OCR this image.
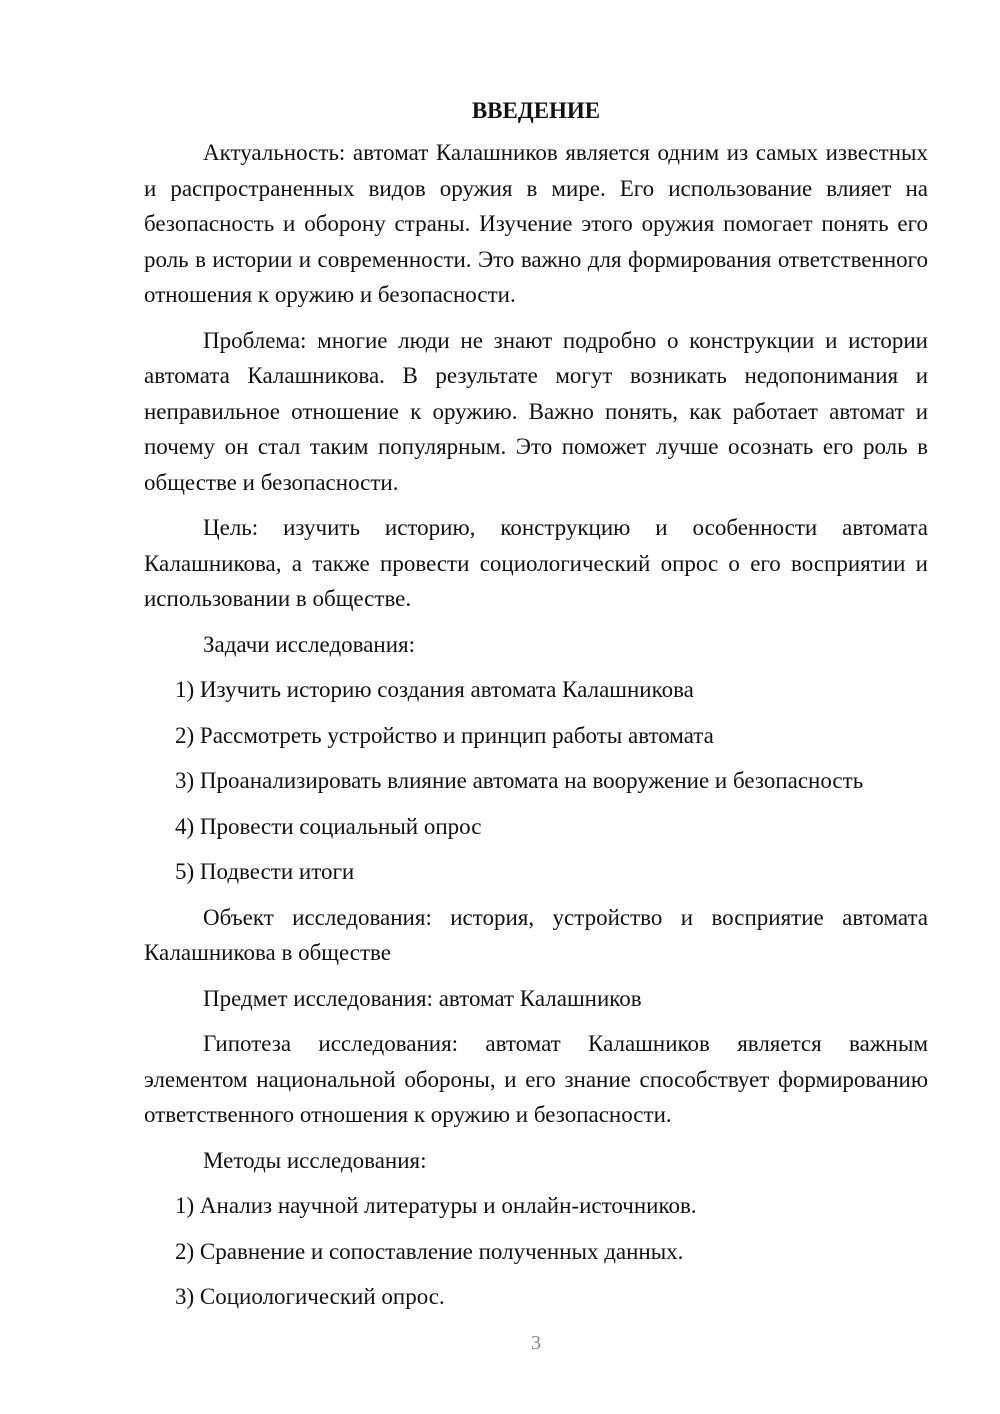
ВВЕДЕНИЕ

Актуальность: автомат Калашников является одним из самых известных и распространенных видов оружия в мире. Его использование влияет на безопасность и оборону страны. Изучение этого оружия помогает понять его роль в истории и современности. Это важно для формирования ответственного отношения к оружию и безопасности.

Проблема: многие люди не знают подробно о конструкции и истории автомата Калашникова. В результате могут возникать недопонимания и неправильное отношение к оружию. Важно понять, как работает автомат и почему он стал таким популярным. Это поможет лучше осознать его роль в обществе и безопасности.

Цель: изучить историю, конструкцию и особенности автомата Калашникова, а также провести социологический опрос о его восприятии и использовании в обществе.

Задачи исследования:

1) Изучить историю создания автомата Калашникова

2) Рассмотреть устройство и принцип работы автомата

3) Проанализировать влияние автомата на вооружение и безопасность

4) Провести социальный опрос

5) Подвести итоги

Объект исследования: история, устройство и восприятие автомата Калашникова в обществе

Предмет исследования: автомат Калашников

Гипотеза исследования: автомат Калашников является важным элементом национальной обороны, и его знание способствует формированию ответственного отношения к оружию и безопасности.

Методы исследования:

1) Анализ научной литературы и онлайн-источников.

2) Сравнение и сопоставление полученных данных.

3) Социологический опрос.

3
